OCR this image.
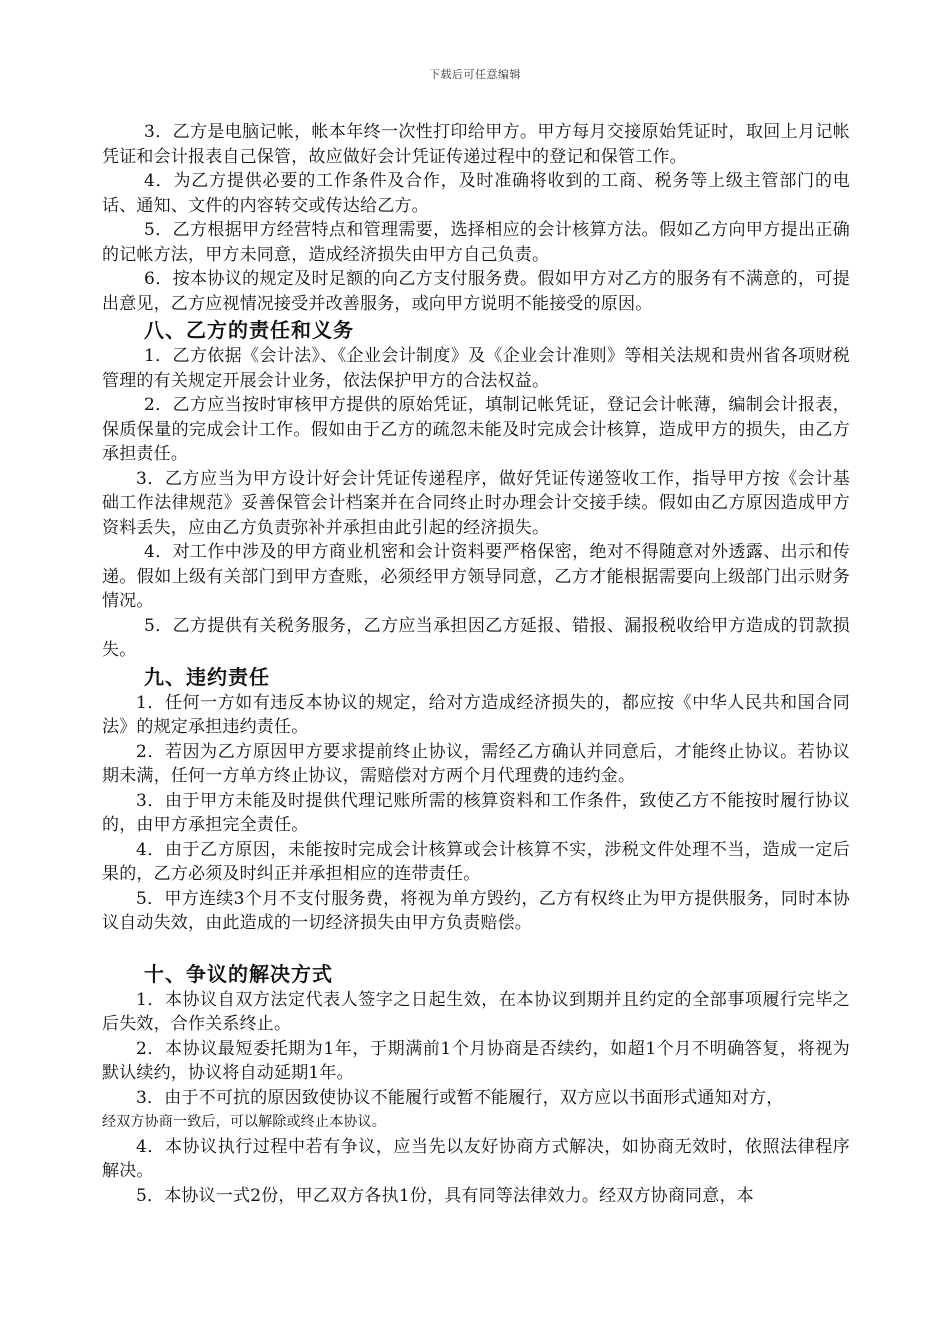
下载后可任意编辑

3．乙方是电脑记帐，帐本年终一次性打印给甲方。甲方每月交接原始凭证时，取回上月记帐凭证和会计报表自己保管，故应做好会计凭证传递过程中的登记和保管工作。

4．为乙方提供必要的工作条件及合作，及时准确将收到的工商、税务等上级主管部门的电话、通知、文件的内容转交或传达给乙方。

5．乙方根据甲方经营特点和管理需要，选择相应的会计核算方法。假如乙方向甲方提出正确的记帐方法，甲方未同意，造成经济损失由甲方自己负责。

6．按本协议的规定及时足额的向乙方支付服务费。假如甲方对乙方的服务有不满意的，可提出意见，乙方应视情况接受并改善服务，或向甲方说明不能接受的原因。

八、乙方的责任和义务

1．乙方依据《会计法》、《企业会计制度》及《企业会计准则》等相关法规和贵州省各项财税管理的有关规定开展会计业务，依法保护甲方的合法权益。

2．乙方应当按时审核甲方提供的原始凭证，填制记帐凭证，登记会计帐薄，编制会计报表，保质保量的完成会计工作。假如由于乙方的疏忽未能及时完成会计核算，造成甲方的损失，由乙方承担责任。

3．乙方应当为甲方设计好会计凭证传递程序，做好凭证传递签收工作，指导甲方按《会计基础工作法律规范》妥善保管会计档案并在合同终止时办理会计交接手续。假如由乙方原因造成甲方资料丢失，应由乙方负责弥补并承担由此引起的经济损失。

4．对工作中涉及的甲方商业机密和会计资料要严格保密，绝对不得随意对外透露、出示和传递。假如上级有关部门到甲方查账，必须经甲方领导同意，乙方才能根据需要向上级部门出示财务情况。

5．乙方提供有关税务服务，乙方应当承担因乙方延报、错报、漏报税收给甲方造成的罚款损失。

九、违约责任

1．任何一方如有违反本协议的规定，给对方造成经济损失的，都应按《中华人民共和国合同法》的规定承担违约责任。

2．若因为乙方原因甲方要求提前终止协议，需经乙方确认并同意后，才能终止协议。若协议期未满，任何一方单方终止协议，需赔偿对方两个月代理费的违约金。

3．由于甲方未能及时提供代理记账所需的核算资料和工作条件，致使乙方不能按时履行协议的，由甲方承担完全责任。

4．由于乙方原因，未能按时完成会计核算或会计核算不实，涉税文件处理不当，造成一定后果的，乙方必须及时纠正并承担相应的连带责任。

5．甲方连续3个月不支付服务费，将视为单方毁约，乙方有权终止为甲方提供服务，同时本协议自动失效，由此造成的一切经济损失由甲方负责赔偿。

十、争议的解决方式

1．本协议自双方法定代表人签字之日起生效，在本协议到期并且约定的全部事项履行完毕之后失效，合作关系终止。

2．本协议最短委托期为1年，于期满前1个月协商是否续约，如超1个月不明确答复，将视为默认续约，协议将自动延期1年。

3．由于不可抗的原因致使协议不能履行或暂不能履行，双方应以书面形式通知对方，

经双方协商一致后，可以解除或终止本协议。

4．本协议执行过程中若有争议，应当先以友好协商方式解决，如协商无效时，依照法律程序解决。

5．本协议一式2份，甲乙双方各执1份，具有同等法律效力。经双方协商同意，本
